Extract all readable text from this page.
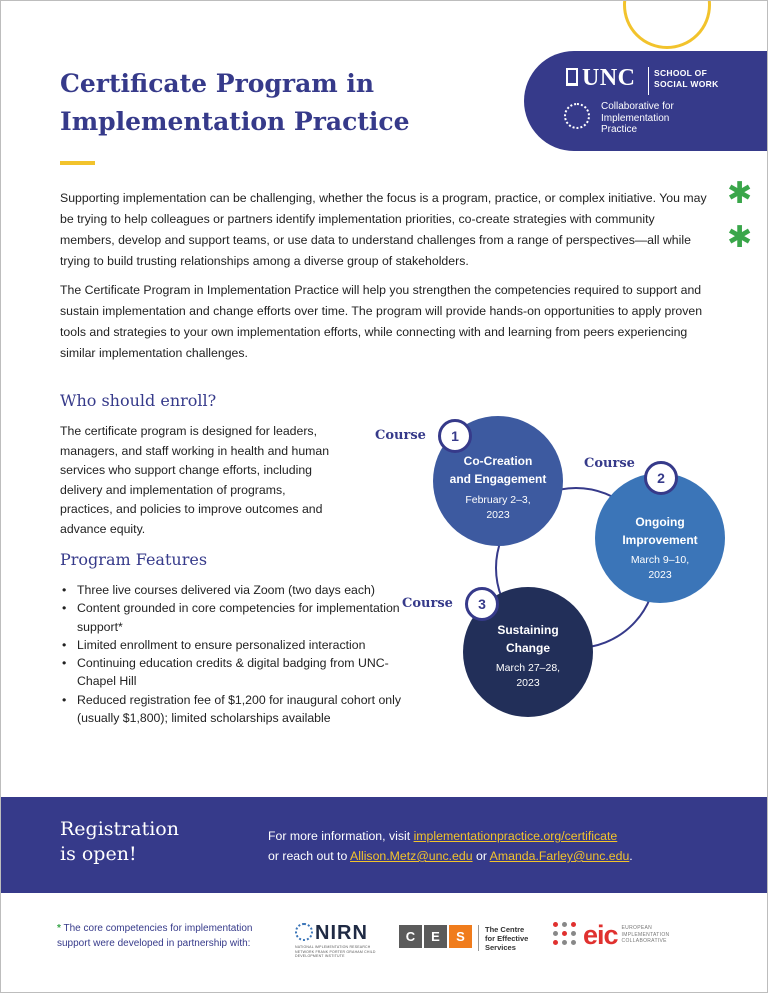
UNC SCHOOL OF
SOCIAL WORK
Collaborative for
Implementation
Practice
Certificate Program in Implementation Practice
✱
✱

Supporting implementation can be challenging, whether the focus is a program, practice, or complex initiative. You may be trying to help colleagues or partners identify implementation priorities, co-create strategies with community members, develop and support teams, or use data to understand challenges from a range of perspectives—all while trying to build trusting relationships among a diverse group of stakeholders.

The Certificate Program in Implementation Practice will help you strengthen the competencies required to support and sustain implementation and change efforts over time. The program will provide hands-on opportunities to apply proven tools and strategies to your own implementation efforts, while connecting with and learning from peers experiencing similar implementation challenges.

Who should enroll?

The certificate program is designed for leaders, managers, and staff working in health and human services who support change efforts, including delivery and implementation of programs, practices, and policies to improve outcomes and advance equity.

Program Features
• Three live courses delivered via Zoom (two days each)
• Content grounded in core competencies for implementation support*
• Limited enrollment to ensure personalized interaction
• Continuing education credits & digital badging from UNC-Chapel Hill
• Reduced registration fee of $1,200 for inaugural cohort only (usually $1,800); limited scholarships available
Co-Creation
and Engagement
February 2–3, 2023	Ongoing
Improvement
March 9–10, 2023
Sustaining
Change
March 27–28, 2023
Course
Course
Course
1
2
3
Registration
is open!
For more information, visit implementationpractice.org/certificate
or reach out to Allison.Metz@unc.edu or Amanda.Farley@unc.edu.

* The core competencies for implementation support were developed in partnership with:	NIRN
NATIONAL IMPLEMENTATION RESEARCH NETWORK FRANK PORTER GRAHAM CHILD DEVELOPMENT INSTITUTE
C E S	The Centre
for Effective
Services	eic EUROPEAN
IMPLEMENTATION
COLLABORATIVE
